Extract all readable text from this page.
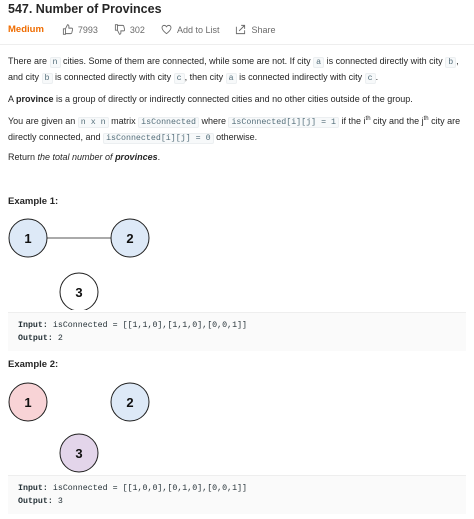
547. Number of Provinces
Medium	7993	302	Add to List	Share
There are n cities. Some of them are connected, while some are not. If city a is connected directly with city b , and city b is connected directly with city c , then city a is connected indirectly with city c .
A province is a group of directly or indirectly connected cities and no other cities outside of the group.
You are given an n x n matrix isConnected where isConnected[i][j] = 1 if the $i^{th}$ city and the $j^{th}$ city are directly connected, and isConnected[i][j] = 0 otherwise.
Return the total number of provinces.
Example 1:
1	2
3
Input: isConnected = [[1,1,0],[1,1,0],[0,0,1]]
Output: 2
Example 2:
1	2
3
Input: isConnected = [[1,0,0],[0,1,0],[0,0,1]]
Output: 3
